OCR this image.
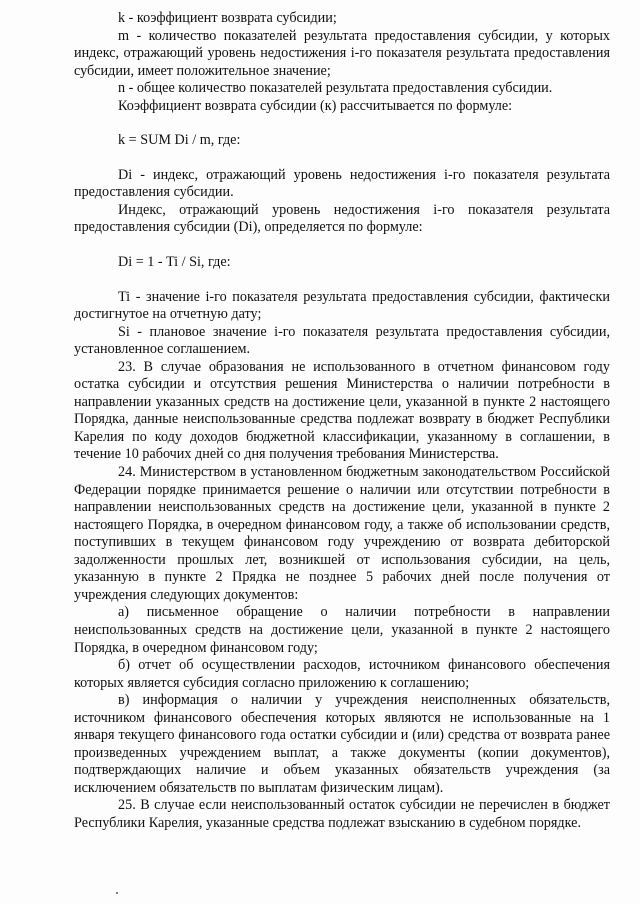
k - коэффициент возврата субсидии;

m - количество показателей результата предоставления субсидии, у которых индекс, отражающий уровень недостижения i-го показателя результата предоставления субсидии, имеет положительное значение;

n - общее количество показателей результата предоставления субсидии.

Коэффициент возврата субсидии (к) рассчитывается по формуле:

k = SUM Di / m, где:

Di - индекс, отражающий уровень недостижения i-го показателя результата предоставления субсидии.

Индекс, отражающий уровень недостижения i-го показателя результата предоставления субсидии (Di), определяется по формуле:

Di = 1 - Ti / Si, где:

Ti - значение i-го показателя результата предоставления субсидии, фактически достигнутое на отчетную дату;

Si - плановое значение i-го показателя результата предоставления субсидии, установленное соглашением.

23. В случае образования не использованного в отчетном финансовом году остатка субсидии и отсутствия решения Министерства о наличии потребности в направлении указанных средств на достижение цели, указанной в пункте 2 настоящего Порядка, данные неиспользованные средства подлежат возврату в бюджет Республики Карелия по коду доходов бюджетной классификации, указанному в соглашении, в течение 10 рабочих дней со дня получения требования Министерства.

24. Министерством в установленном бюджетным законодательством Российской Федерации порядке принимается решение о наличии или отсутствии потребности в направлении неиспользованных средств на достижение цели, указанной в пункте 2 настоящего Порядка, в очередном финансовом году, а также об использовании средств, поступивших в текущем финансовом году учреждению от возврата дебиторской задолженности прошлых лет, возникшей от использования субсидии, на цель, указанную в пункте 2 Прядка не позднее 5 рабочих дней после получения от учреждения следующих документов:

а) письменное обращение о наличии потребности в направлении неиспользованных средств на достижение цели, указанной в пункте 2 настоящего Порядка, в очередном финансовом году;

б) отчет об осуществлении расходов, источником финансового обеспечения которых является субсидия согласно приложению к соглашению;

в) информация о наличии у учреждения неисполненных обязательств, источником финансового обеспечения которых являются не использованные на 1 января текущего финансового года остатки субсидии и (или) средства от возврата ранее произведенных учреждением выплат, а также документы (копии документов), подтверждающих наличие и объем указанных обязательств учреждения (за исключением обязательств по выплатам физическим лицам).

25. В случае если неиспользованный остаток субсидии не перечислен в бюджет Республики Карелия, указанные средства подлежат взысканию в судебном порядке.
